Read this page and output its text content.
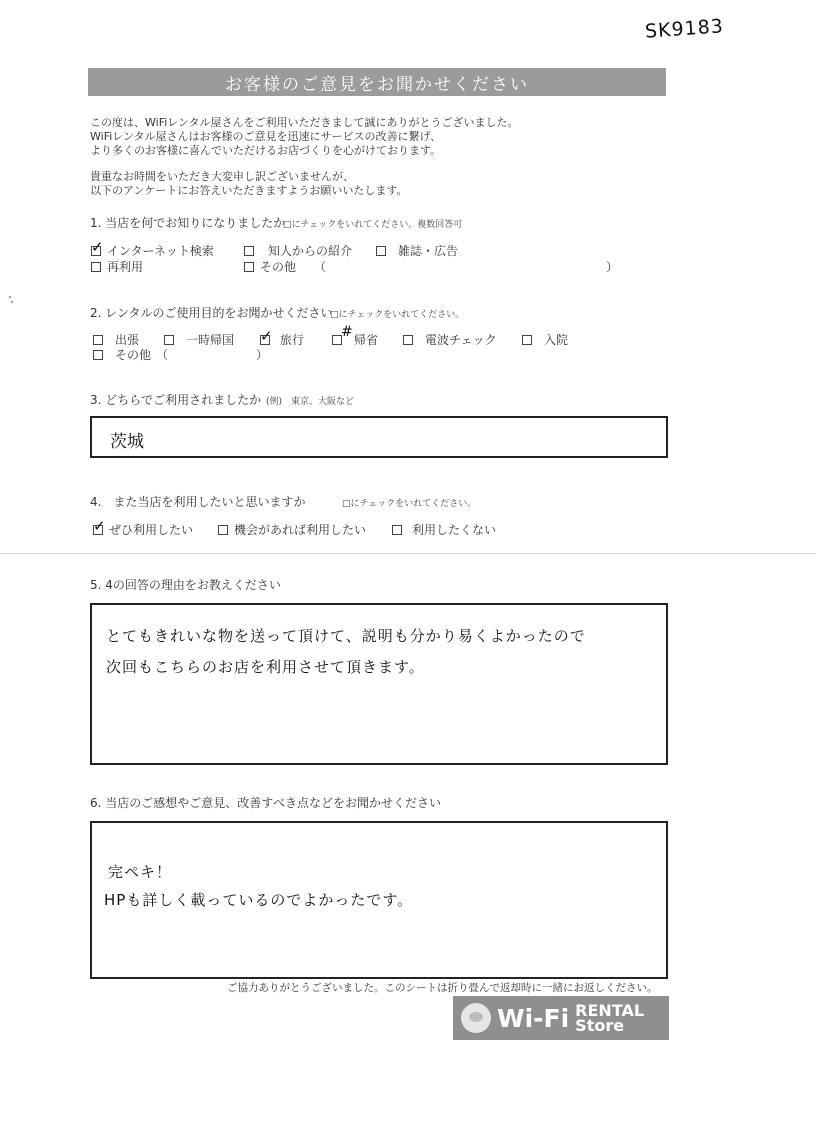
SK9183
お客様のご意見をお聞かせください
この度は、WiFiレンタル屋さんをご利用いただきまして誠にありがとうございました。
WiFiレンタル屋さんはお客様のご意見を迅速にサービスの改善に繋げ、
より多くのお客様に喜んでいただけるお店づくりを心がけております。
貴重なお時間をいただき大変申し訳ございませんが、
以下のアンケートにお答えいただきますようお願いいたします。
1. 当店を何でお知りになりましたか
□にチェックをいれてください。複数回答可
✓ インターネット検索	知人からの紹介	雑誌・広告
再利用	その他 （	）
2. レンタルのご使用目的をお聞かせください
□にチェックをいれてください。
出張	一時帰国 ✓ 旅行
#
帰省	電波チェック	入院
その他 （	）
3. どちらでご利用されましたか (例)　東京、大阪など
茨城
4.　また当店を利用したいと思いますか	□にチェックをいれてください。
✓ ぜひ利用したい	機会があれば利用したい	利用したくない
5. 4の回答の理由をお教えください
とてもきれいな物を送って頂けて、説明も分かり易くよかったので
次回もこちらのお店を利用させて頂きます。
6. 当店のご感想やご意見、改善すべき点などをお聞かせください
完ペキ！
HPも詳しく載っているのでよかったです。
ご協力ありがとうございました。このシートは折り畳んで返却時に一緒にお返しください。
Wi-Fi RENTAL
Store
